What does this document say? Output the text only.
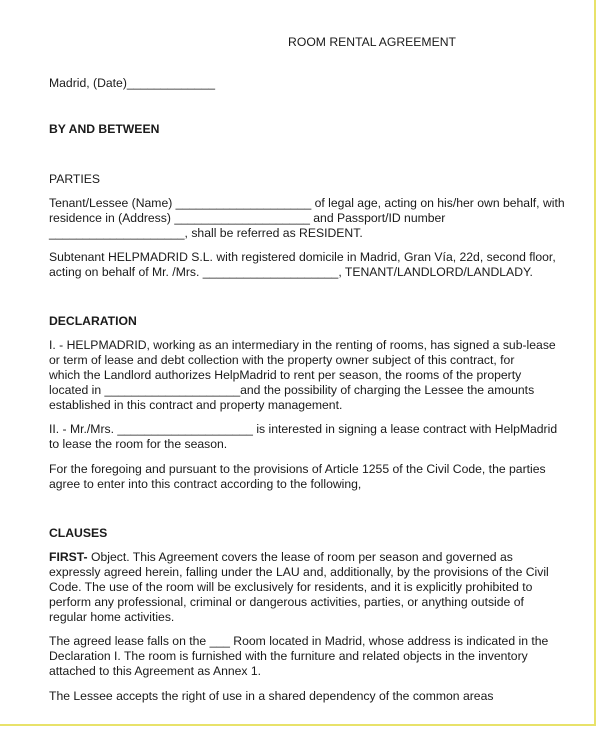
ROOM RENTAL AGREEMENT
Madrid, (Date)_____________
BY AND BETWEEN
PARTIES
Tenant/Lessee (Name) ____________________ of legal age, acting on his/her own behalf, with
residence in (Address) ____________________ and Passport/ID number
____________________, shall be referred as RESIDENT.
Subtenant HELPMADRID S.L. with registered domicile in Madrid, Gran Vía, 22d, second floor,
acting on behalf of Mr. /Mrs. ____________________, TENANT/LANDLORD/LANDLADY.
DECLARATION
I. - HELPMADRID, working as an intermediary in the renting of rooms, has signed a sub-lease
or term of lease and debt collection with the property owner subject of this contract, for
which the Landlord authorizes HelpMadrid to rent per season, the rooms of the property
located in ____________________and the possibility of charging the Lessee the amounts
established in this contract and property management.
II. - Mr./Mrs. ____________________ is interested in signing a lease contract with HelpMadrid
to lease the room for the season.
For the foregoing and pursuant to the provisions of Article 1255 of the Civil Code, the parties
agree to enter into this contract according to the following,
CLAUSES
FIRST- Object. This Agreement covers the lease of room per season and governed as
expressly agreed herein, falling under the LAU and, additionally, by the provisions of the Civil
Code. The use of the room will be exclusively for residents, and it is explicitly prohibited to
perform any professional, criminal or dangerous activities, parties, or anything outside of
regular home activities.
The agreed lease falls on the ___ Room located in Madrid, whose address is indicated in the
Declaration I. The room is furnished with the furniture and related objects in the inventory
attached to this Agreement as Annex 1.
The Lessee accepts the right of use in a shared dependency of the common areas
